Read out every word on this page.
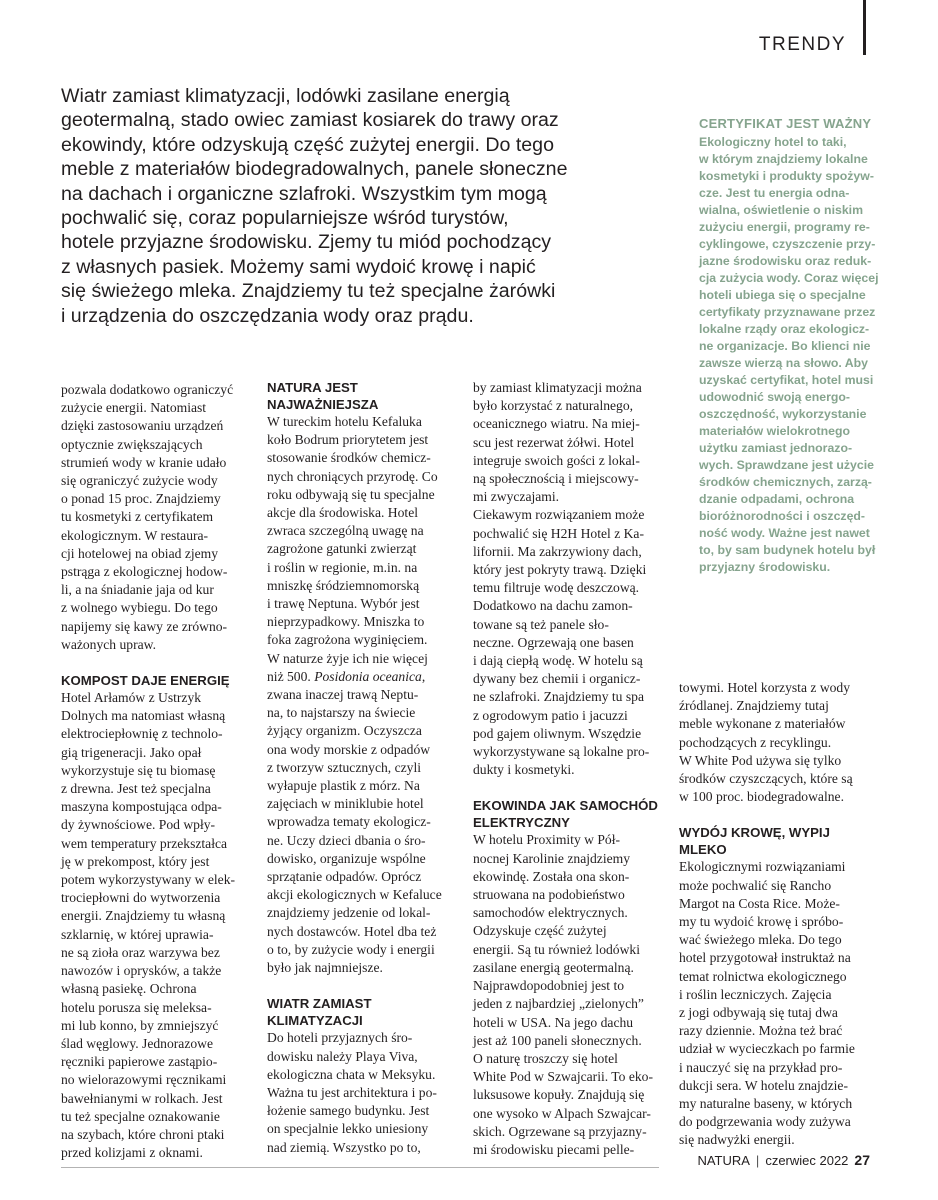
TRENDY

Wiatr zamiast klimatyzacji, lodówki zasilane energią
geotermalną, stado owiec zamiast kosiarek do trawy oraz
ekowindy, które odzyskują część zużytej energii. Do tego
meble z materiałów biodegradowalnych, panele słoneczne
na dachach i organiczne szlafroki. Wszystkim tym mogą
pochwalić się, coraz popularniejsze wśród turystów,
hotele przyjazne środowisku. Zjemy tu miód pochodzący
z własnych pasiek. Możemy sami wydoić krowę i napić
się świeżego mleka. Znajdziemy tu też specjalne żarówki
i urządzenia do oszczędzania wody oraz prądu.

CERTYFIKAT JEST WAŻNY

Ekologiczny hotel to taki,
w którym znajdziemy lokalne
kosmetyki i produkty spożyw-
cze. Jest tu energia odna-
wialna, oświetlenie o niskim
zużyciu energii, programy re-
cyklingowe, czyszczenie przy-
jazne środowisku oraz reduk-
cja zużycia wody. Coraz więcej
hoteli ubiega się o specjalne
certyfikaty przyznawane przez
lokalne rządy oraz ekologicz-
ne organizacje. Bo klienci nie
zawsze wierzą na słowo. Aby
uzyskać certyfikat, hotel musi
udowodnić swoją energo-
oszczędność, wykorzystanie
materiałów wielokrotnego
użytku zamiast jednorazo-
wych. Sprawdzane jest użycie
środków chemicznych, zarzą-
dzanie odpadami, ochrona
bioróżnorodności i oszczęd-
ność wody. Ważne jest nawet
to, by sam budynek hotelu był
przyjazny środowisku.

pozwala dodatkowo ograniczyć
zużycie energii. Natomiast
dzięki zastosowaniu urządzeń
optycznie zwiększających
strumień wody w kranie udało
się ograniczyć zużycie wody
o ponad 15 proc. Znajdziemy
tu kosmetyki z certyfikatem
ekologicznym. W restaura-
cji hotelowej na obiad zjemy
pstrąga z ekologicznej hodow-
li, a na śniadanie jaja od kur
z wolnego wybiegu. Do tego
napijemy się kawy ze zrówno-
ważonych upraw.

KOMPOST DAJE ENERGIĘ

Hotel Arłamów z Ustrzyk
Dolnych ma natomiast własną
elektrociepłownię z technolo-
gią trigeneracji. Jako opał
wykorzystuje się tu biomasę
z drewna. Jest też specjalna
maszyna kompostująca odpa-
dy żywnościowe. Pod wpły-
wem temperatury przekształca
ję w prekompost, który jest
potem wykorzystywany w elek-
trociepłowni do wytworzenia
energii. Znajdziemy tu własną
szklarnię, w której uprawia-
ne są zioła oraz warzywa bez
nawozów i oprysków, a także
własną pasiekę. Ochrona
hotelu porusza się meleksa-
mi lub konno, by zmniejszyć
ślad węglowy. Jednorazowe
ręczniki papierowe zastąpio-
no wielorazowymi ręcznikami
bawełnianymi w rolkach. Jest
tu też specjalne oznakowanie
na szybach, które chroni ptaki
przed kolizjami z oknami.

NATURA JEST
NAJWAŻNIEJSZA

W tureckim hotelu Kefaluka
koło Bodrum priorytetem jest
stosowanie środków chemicz-
nych chroniących przyrodę. Co
roku odbywają się tu specjalne
akcje dla środowiska. Hotel
zwraca szczególną uwagę na
zagrożone gatunki zwierząt
i roślin w regionie, m.in. na
mniszkę śródziemnomorską
i trawę Neptuna. Wybór jest
nieprzypadkowy. Mniszka to
foka zagrożona wyginięciem.
W naturze żyje ich nie więcej
niż 500. Posidonia oceanica,
zwana inaczej trawą Neptu-
na, to najstarszy na świecie
żyjący organizm. Oczyszcza
ona wody morskie z odpadów
z tworzyw sztucznych, czyli
wyłapuje plastik z mórz. Na
zajęciach w miniklubie hotel
wprowadza tematy ekologicz-
ne. Uczy dzieci dbania o śro-
dowisko, organizuje wspólne
sprzątanie odpadów. Oprócz
akcji ekologicznych w Kefaluce
znajdziemy jedzenie od lokal-
nych dostawców. Hotel dba też
o to, by zużycie wody i energii
było jak najmniejsze.

WIATR ZAMIAST
KLIMATYZACJI

Do hoteli przyjaznych śro-
dowisku należy Playa Viva,
ekologiczna chata w Meksyku.
Ważna tu jest architektura i po-
łożenie samego budynku. Jest
on specjalnie lekko uniesiony
nad ziemią. Wszystko po to,

by zamiast klimatyzacji można
było korzystać z naturalnego,
oceanicznego wiatru. Na miej-
scu jest rezerwat żółwi. Hotel
integruje swoich gości z lokal-
ną społecznością i miejscowy-
mi zwyczajami.
Ciekawym rozwiązaniem może
pochwalić się H2H Hotel z Ka-
lifornii. Ma zakrzywiony dach,
który jest pokryty trawą. Dzięki
temu filtruje wodę deszczową.
Dodatkowo na dachu zamon-
towane są też panele sło-
neczne. Ogrzewają one basen
i dają ciepłą wodę. W hotelu są
dywany bez chemii i organicz-
ne szlafroki. Znajdziemy tu spa
z ogrodowym patio i jacuzzi
pod gajem oliwnym. Wszędzie
wykorzystywane są lokalne pro-
dukty i kosmetyki.

EKOWINDA JAK SAMOCHÓD
ELEKTRYCZNY

W hotelu Proximity w Pół-
nocnej Karolinie znajdziemy
ekowindę. Została ona skon-
struowana na podobieństwo
samochodów elektrycznych.
Odzyskuje część zużytej
energii. Są tu również lodówki
zasilane energią geotermalną.
Najprawdopodobniej jest to
jeden z najbardziej „zielonych”
hoteli w USA. Na jego dachu
jest aż 100 paneli słonecznych.
O naturę troszczy się hotel
White Pod w Szwajcarii. To eko-
luksusowe kopuły. Znajdują się
one wysoko w Alpach Szwajcar-
skich. Ogrzewane są przyjazny-
mi środowisku piecami pelle-

towymi. Hotel korzysta z wody
źródlanej. Znajdziemy tutaj
meble wykonane z materiałów
pochodzących z recyklingu.
W White Pod używa się tylko
środków czyszczących, które są
w 100 proc. biodegradowalne.

WYDÓJ KROWĘ, WYPIJ
MLEKO

Ekologicznymi rozwiązaniami
może pochwalić się Rancho
Margot na Costa Rice. Może-
my tu wydoić krowę i spróbo-
wać świeżego mleka. Do tego
hotel przygotował instruktaż na
temat rolnictwa ekologicznego
i roślin leczniczych. Zajęcia
z jogi odbywają się tutaj dwa
razy dziennie. Można też brać
udział w wycieczkach po farmie
i nauczyć się na przykład pro-
dukcji sera. W hotelu znajdzie-
my naturalne baseny, w których
do podgrzewania wody zużywa
się nadwyżki energii.

NATURA | czerwiec 2022 27
